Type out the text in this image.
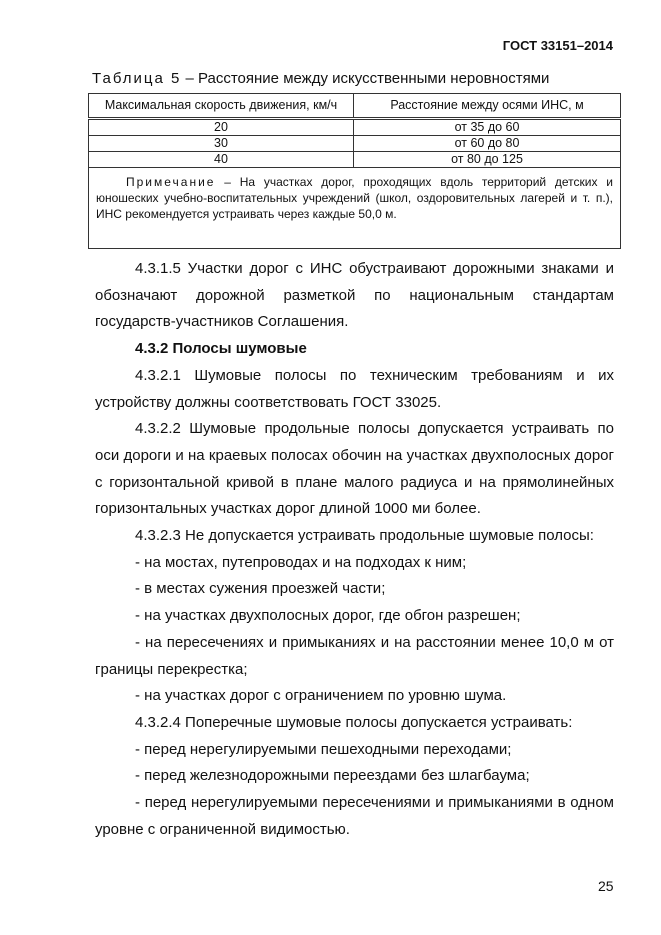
ГОСТ 33151–2014
Таблица 5 – Расстояние между искусственными неровностями
Максимальная скорость движения, км/ч	Расстояние между осями ИНС, м
20	от 35 до 60
30	от 60 до 80
40	от 80 до 125
Примечание – На участках дорог, проходящих вдоль территорий детских и юношеских учебно-воспитательных учреждений (школ, оздоровительных лагерей и т. п.), ИНС рекомендуется устраивать через каждые 50,0 м.	

4.3.1.5 Участки дорог с ИНС обустраивают дорожными знаками и обозначают дорожной разметкой по национальным стандартам государств-участников Соглашения.

4.3.2 Полосы шумовые

4.3.2.1 Шумовые полосы по техническим требованиям и их устройству должны соответствовать ГОСТ 33025.

4.3.2.2 Шумовые продольные полосы допускается устраивать по оси дороги и на краевых полосах обочин на участках двухполосных дорог с горизонтальной кривой в плане малого радиуса и на прямолинейных горизонтальных участках дорог длиной 1000 ми более.

4.3.2.3 Не допускается устраивать продольные шумовые полосы:

- на мостах, путепроводах и на подходах к ним;

- в местах сужения проезжей части;

- на участках двухполосных дорог, где обгон разрешен;

- на пересечениях и примыканиях и на расстоянии менее 10,0 м от границы перекрестка;

- на участках дорог с ограничением по уровню шума.

4.3.2.4 Поперечные шумовые полосы допускается устраивать:

- перед нерегулируемыми пешеходными переходами;

- перед железнодорожными переездами без шлагбаума;

- перед нерегулируемыми пересечениями и примыканиями в одном уровне с ограниченной видимостью.

25
